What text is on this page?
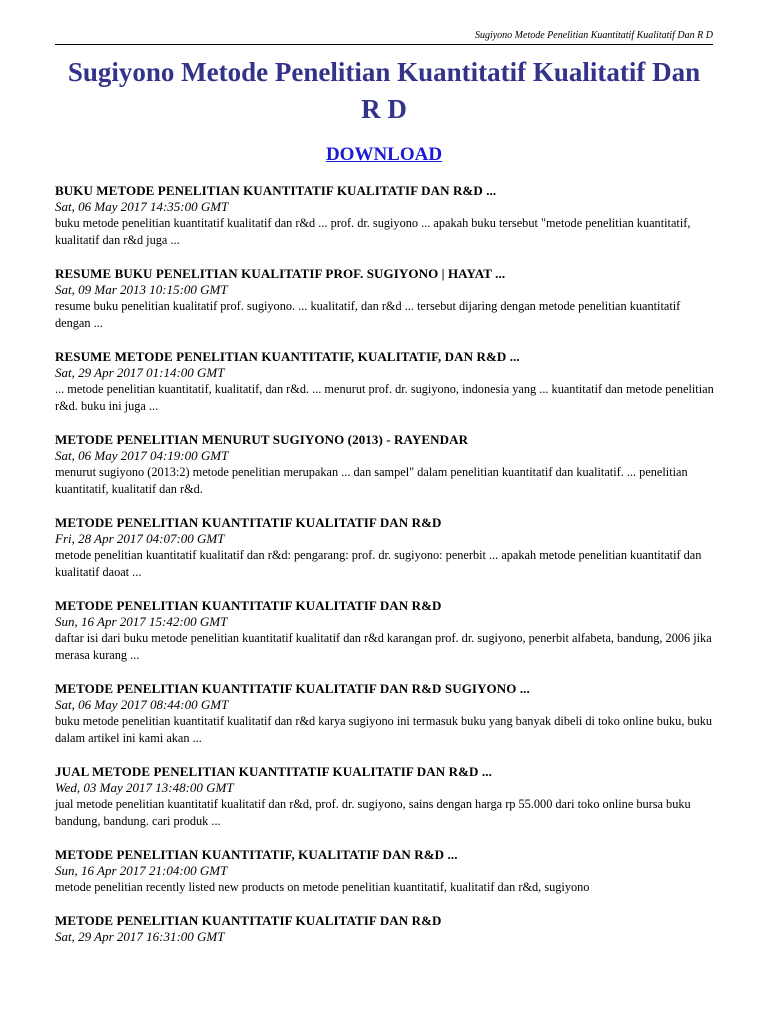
Sugiyono Metode Penelitian Kuantitatif Kualitatif Dan R D
Sugiyono Metode Penelitian Kuantitatif Kualitatif Dan R D
DOWNLOAD
BUKU METODE PENELITIAN KUANTITATIF KUALITATIF DAN R&D ...
Sat, 06 May 2017 14:35:00 GMT
buku metode penelitian kuantitatif kualitatif dan r&d ... prof. dr. sugiyono ... apakah buku tersebut "metode penelitian kuantitatif, kualitatif dan r&d juga ...
RESUME BUKU PENELITIAN KUALITATIF PROF. SUGIYONO | HAYAT ...
Sat, 09 Mar 2013 10:15:00 GMT
resume buku penelitian kualitatif prof. sugiyono. ... kualitatif, dan r&d ... tersebut dijaring dengan metode penelitian kuantitatif dengan ...
RESUME METODE PENELITIAN KUANTITATIF, KUALITATIF, DAN R&D ...
Sat, 29 Apr 2017 01:14:00 GMT
... metode penelitian kuantitatif, kualitatif, dan r&d. ... menurut prof. dr. sugiyono, indonesia yang ... kuantitatif dan metode penelitian r&d. buku ini juga ...
METODE PENELITIAN MENURUT SUGIYONO (2013) - RAYENDAR
Sat, 06 May 2017 04:19:00 GMT
menurut sugiyono (2013:2) metode penelitian merupakan ... dan sampel" dalam penelitian kuantitatif dan kualitatif. ... penelitian kuantitatif, kualitatif dan r&d.
METODE PENELITIAN KUANTITATIF KUALITATIF DAN R&D
Fri, 28 Apr 2017 04:07:00 GMT
metode penelitian kuantitatif kualitatif dan r&d: pengarang: prof. dr. sugiyono: penerbit ... apakah metode penelitian kuantitatif dan kualitatif daoat ...
METODE PENELITIAN KUANTITATIF KUALITATIF DAN R&D
Sun, 16 Apr 2017 15:42:00 GMT
daftar isi dari buku metode penelitian kuantitatif kualitatif dan r&d karangan prof. dr. sugiyono, penerbit alfabeta, bandung, 2006 jika merasa kurang ...
METODE PENELITIAN KUANTITATIF KUALITATIF DAN R&D SUGIYONO ...
Sat, 06 May 2017 08:44:00 GMT
buku metode penelitian kuantitatif kualitatif dan r&d karya sugiyono ini termasuk buku yang banyak dibeli di toko online buku, buku dalam artikel ini kami akan ...
JUAL METODE PENELITIAN KUANTITATIF KUALITATIF DAN R&D ...
Wed, 03 May 2017 13:48:00 GMT
jual metode penelitian kuantitatif kualitatif dan r&d, prof. dr. sugiyono, sains dengan harga rp 55.000 dari toko online bursa buku bandung, bandung. cari produk ...
METODE PENELITIAN KUANTITATIF, KUALITATIF DAN R&D ...
Sun, 16 Apr 2017 21:04:00 GMT
metode penelitian recently listed new products on metode penelitian kuantitatif, kualitatif dan r&d, sugiyono
METODE PENELITIAN KUANTITATIF KUALITATIF DAN R&D
Sat, 29 Apr 2017 16:31:00 GMT
